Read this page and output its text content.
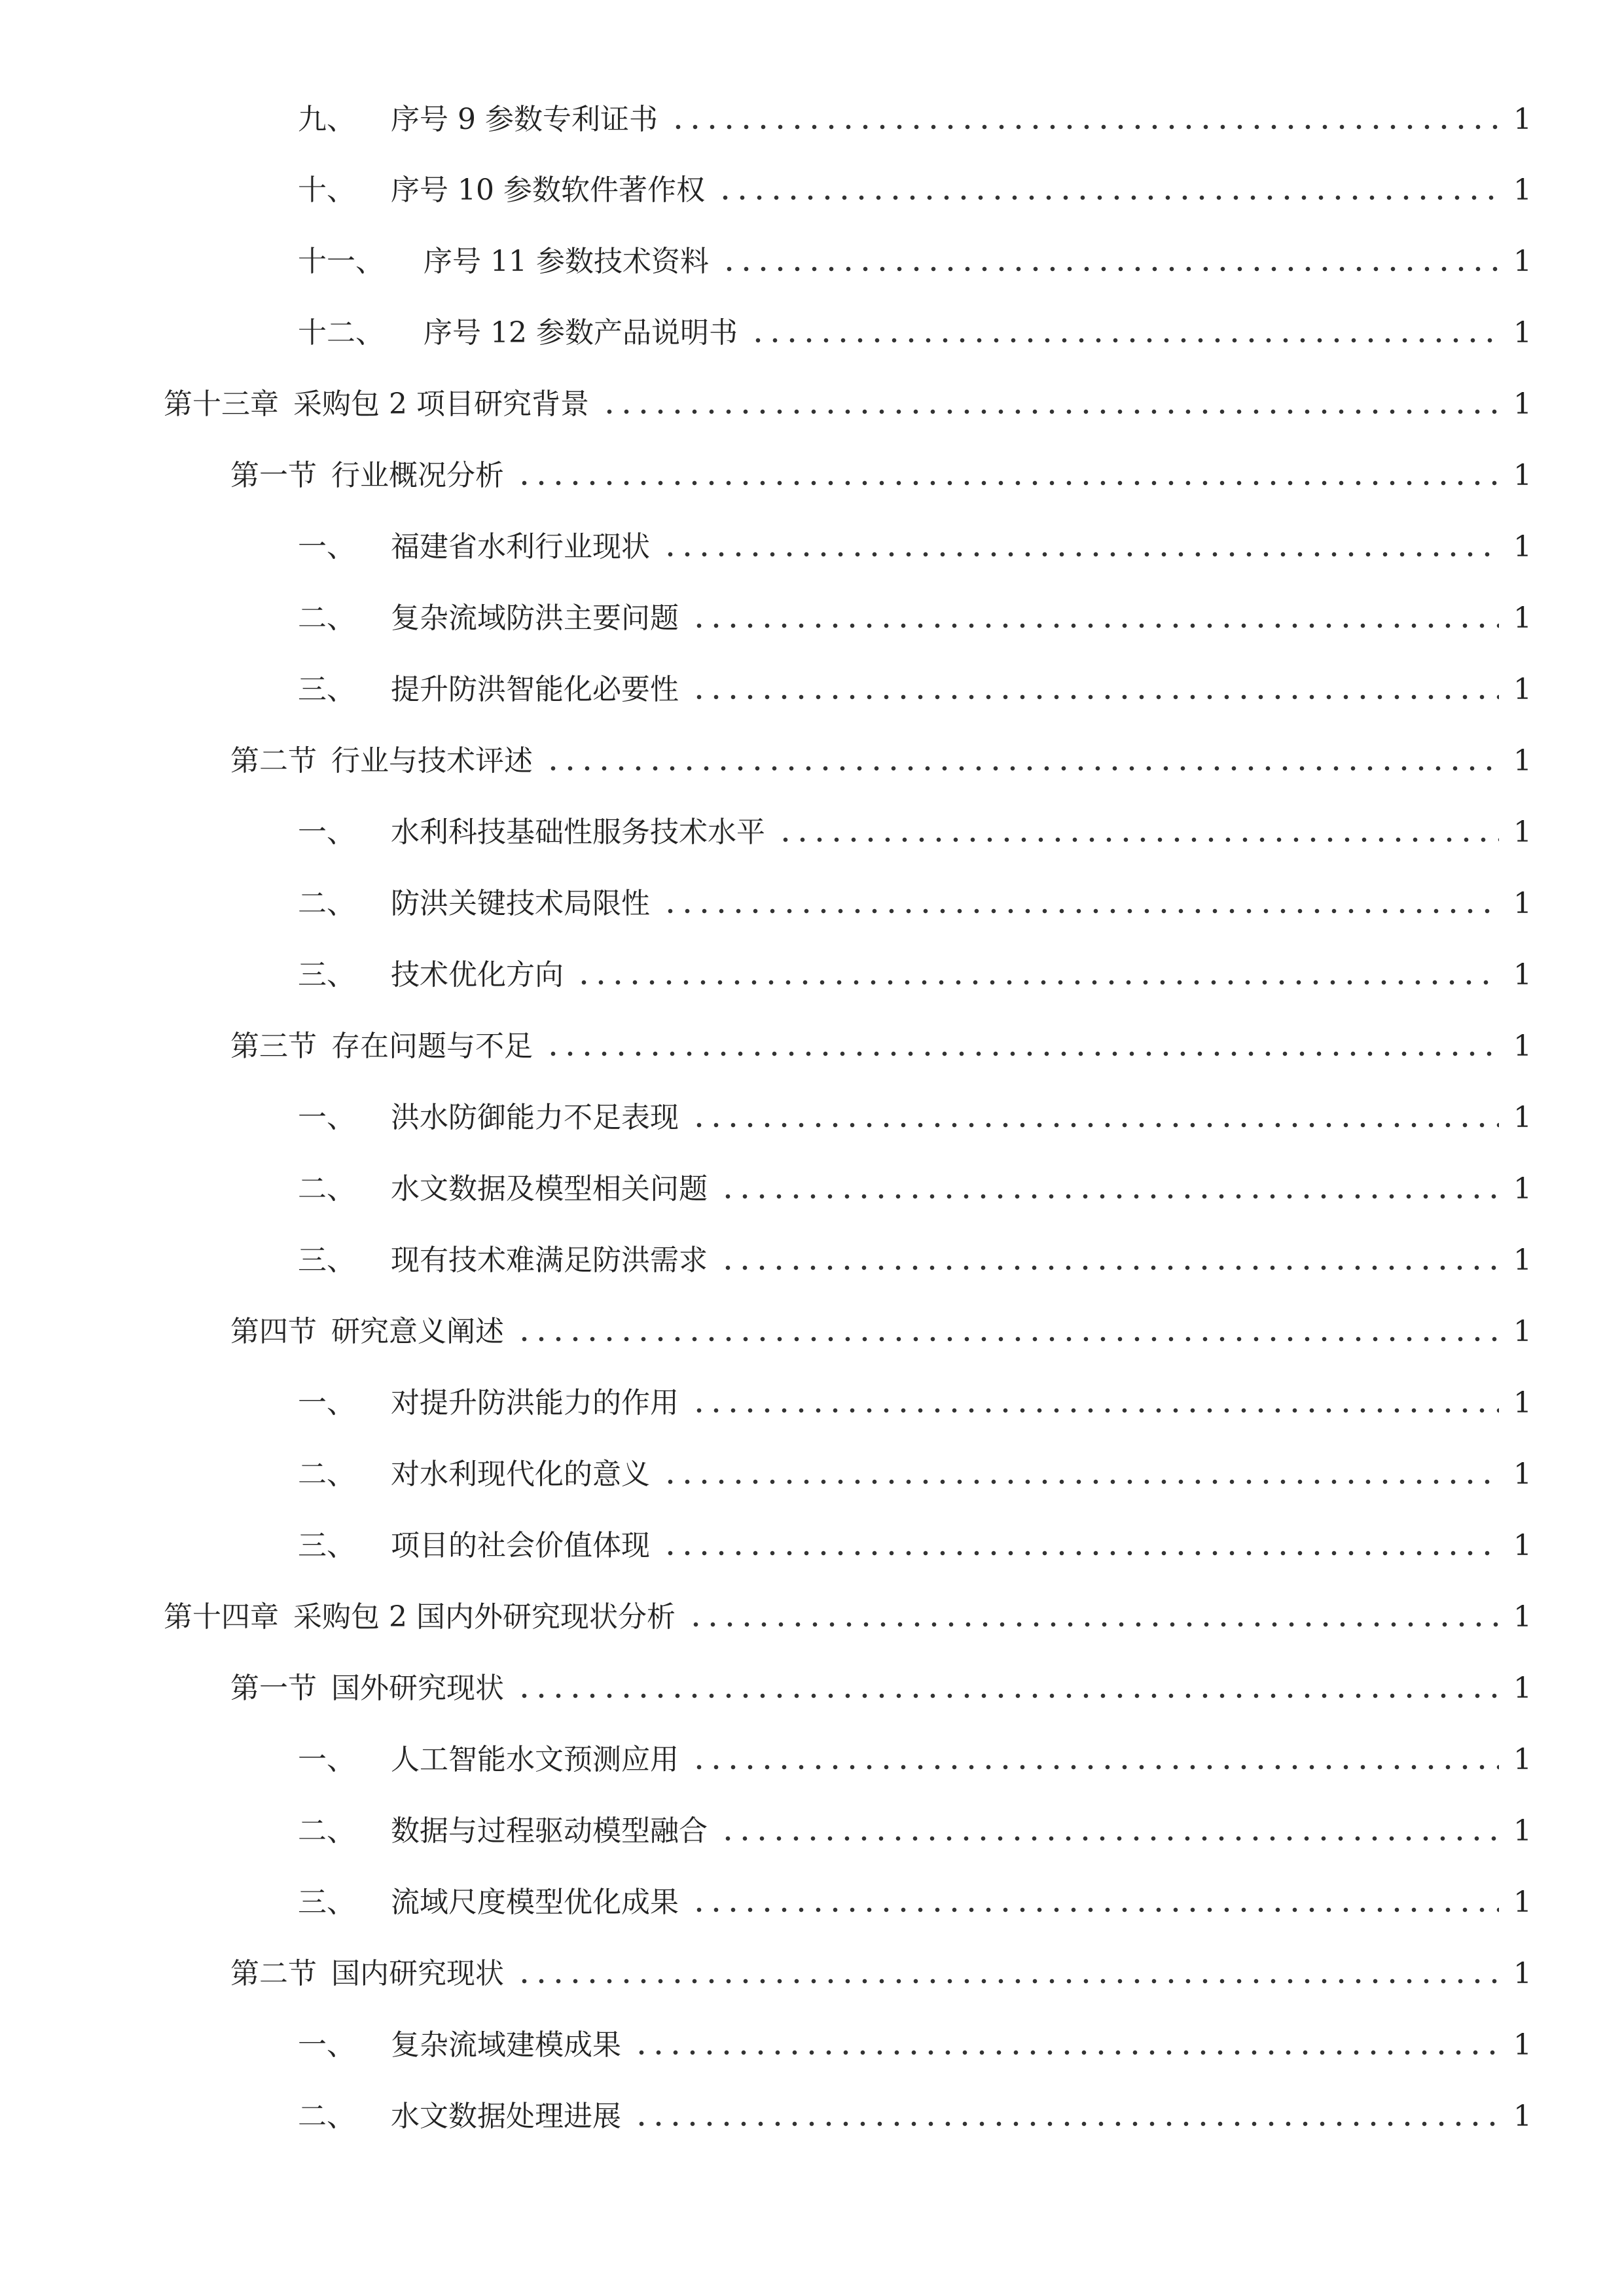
九、	序号 9 参数专利证书	1
十、	序号 10 参数软件著作权	1
十一、	序号 11 参数技术资料	1
十二、	序号 12 参数产品说明书	1
第十三章 采购包 2 项目研究背景	1
第一节 行业概况分析	1
一、	福建省水利行业现状	1
二、	复杂流域防洪主要问题	1
三、	提升防洪智能化必要性	1
第二节 行业与技术评述	1
一、	水利科技基础性服务技术水平	1
二、	防洪关键技术局限性	1
三、	技术优化方向	1
第三节 存在问题与不足	1
一、	洪水防御能力不足表现	1
二、	水文数据及模型相关问题	1
三、	现有技术难满足防洪需求	1
第四节 研究意义阐述	1
一、	对提升防洪能力的作用	1
二、	对水利现代化的意义	1
三、	项目的社会价值体现	1
第十四章 采购包 2 国内外研究现状分析	1
第一节 国外研究现状	1
一、	人工智能水文预测应用	1
二、	数据与过程驱动模型融合	1
三、	流域尺度模型优化成果	1
第二节 国内研究现状	1
一、	复杂流域建模成果	1
二、	水文数据处理进展	1
